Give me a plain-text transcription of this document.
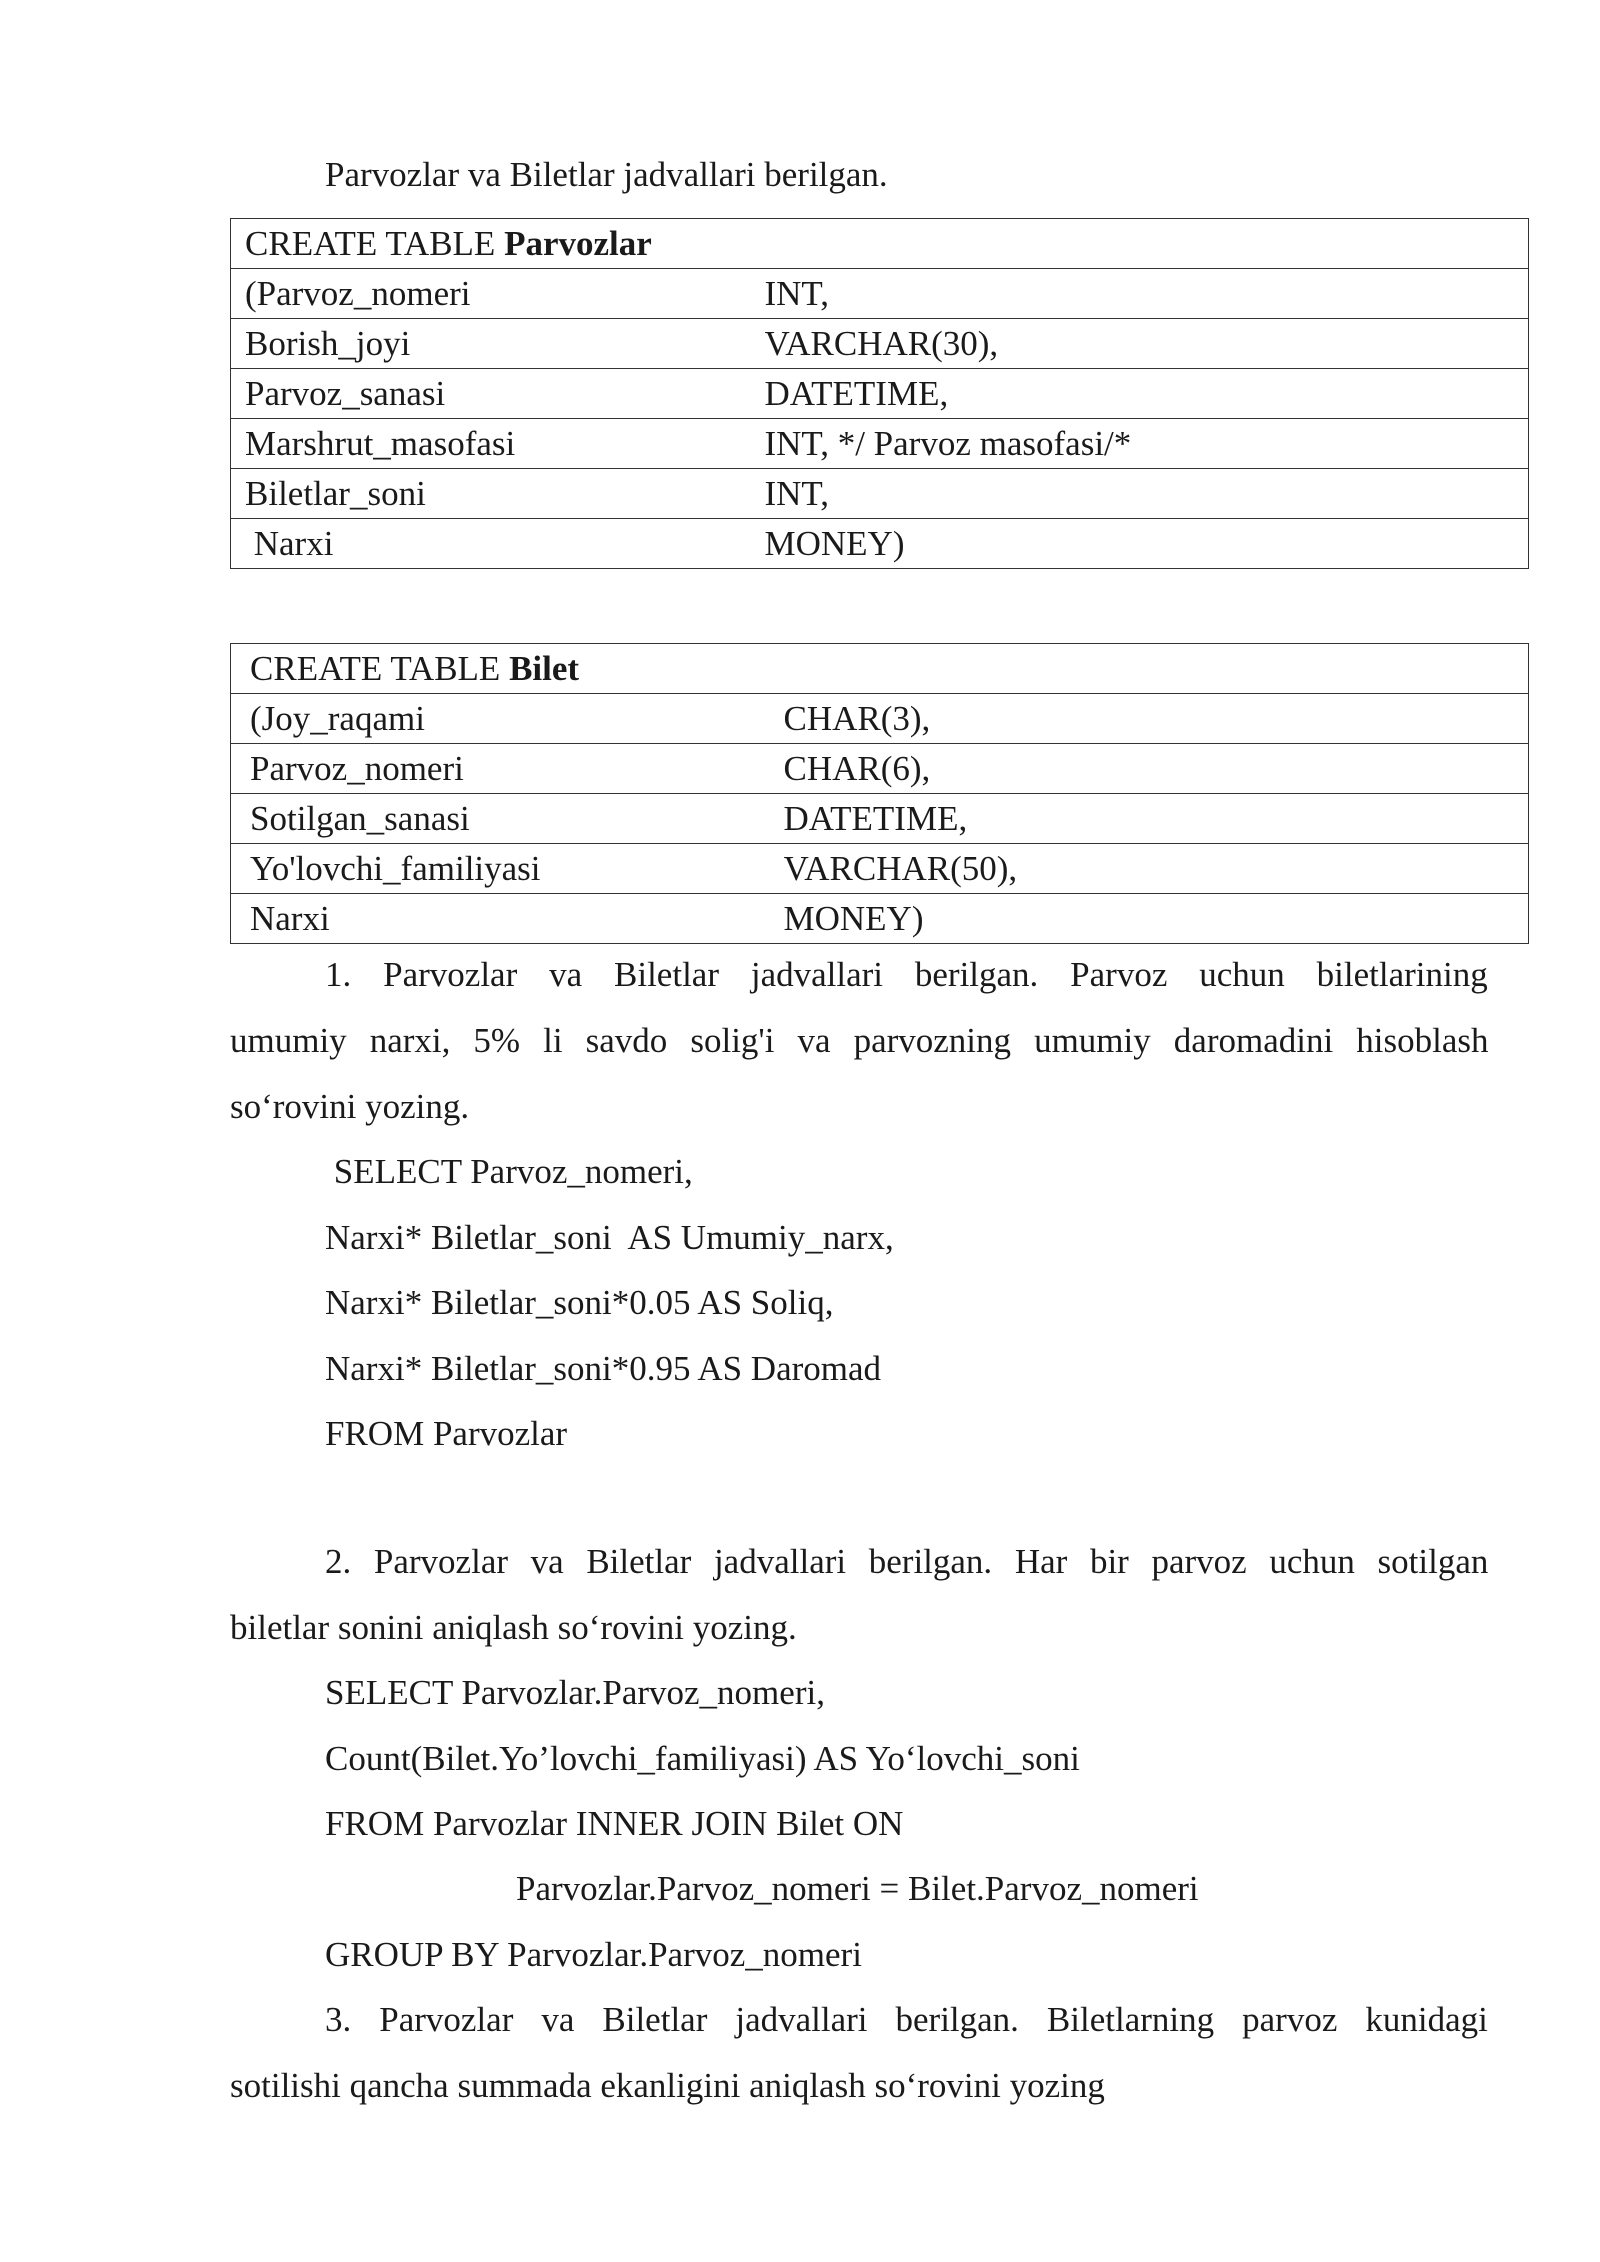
Parvozlar va Biletlar jadvallari berilgan.
CREATE TABLE Parvozlar	
(Parvoz_nomeri	INT,
Borish_joyi	VARCHAR(30),
Parvoz_sanasi	DATETIME,
Marshrut_masofasi	INT, */ Parvoz masofasi/*
Biletlar_soni	INT,
Narxi	MONEY)
CREATE TABLE Bilet	
(Joy_raqami	CHAR(3),
Parvoz_nomeri	CHAR(6),
Sotilgan_sanasi	DATETIME,
Yo'lovchi_familiyasi	VARCHAR(50),
Narxi	MONEY)
1. Parvozlar va Biletlar jadvallari berilgan. Parvoz uchun biletlarining
umumiy narxi, 5% li savdo solig'i va parvozning umumiy daromadini hisoblash
so‘rovini yozing.
SELECT Parvoz_nomeri,
Narxi* Biletlar_soni  AS Umumiy_narx,
Narxi* Biletlar_soni*0.05 AS Soliq,
Narxi* Biletlar_soni*0.95 AS Daromad
FROM Parvozlar
2. Parvozlar va Biletlar jadvallari berilgan. Har bir parvoz uchun sotilgan
biletlar sonini aniqlash so‘rovini yozing.
SELECT Parvozlar.Parvoz_nomeri,
Count(Bilet.Yo’lovchi_familiyasi) AS Yo‘lovchi_soni
FROM Parvozlar INNER JOIN Bilet ON
Parvozlar.Parvoz_nomeri = Bilet.Parvoz_nomeri
GROUP BY Parvozlar.Parvoz_nomeri
3. Parvozlar va Biletlar jadvallari berilgan. Biletlarning parvoz kunidagi
sotilishi qancha summada ekanligini aniqlash so‘rovini yozing
